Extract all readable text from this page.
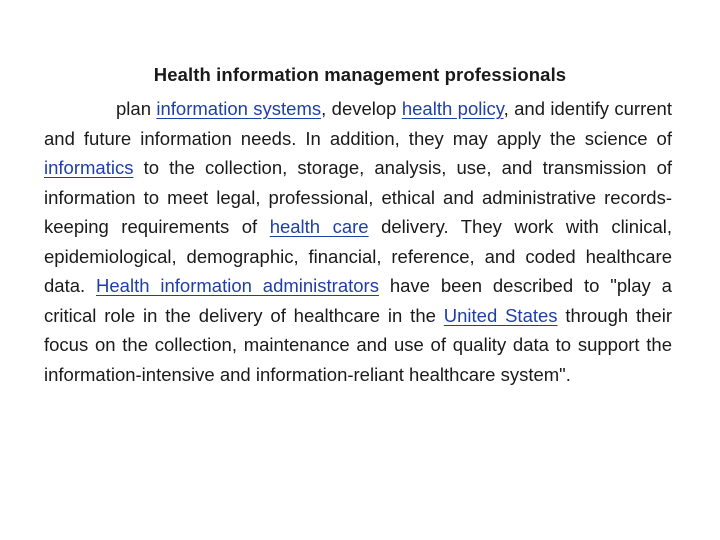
Health information management professionals

plan information systems, develop health policy, and identify current and future information needs. In addition, they may apply the science of informatics to the collection, storage, analysis, use, and transmission of information to meet legal, professional, ethical and administrative records-keeping requirements of health care delivery. They work with clinical, epidemiological, demographic, financial, reference, and coded healthcare data. Health information administrators have been described to "play a critical role in the delivery of healthcare in the United States through their focus on the collection, maintenance and use of quality data to support the information-intensive and information-reliant healthcare system".
